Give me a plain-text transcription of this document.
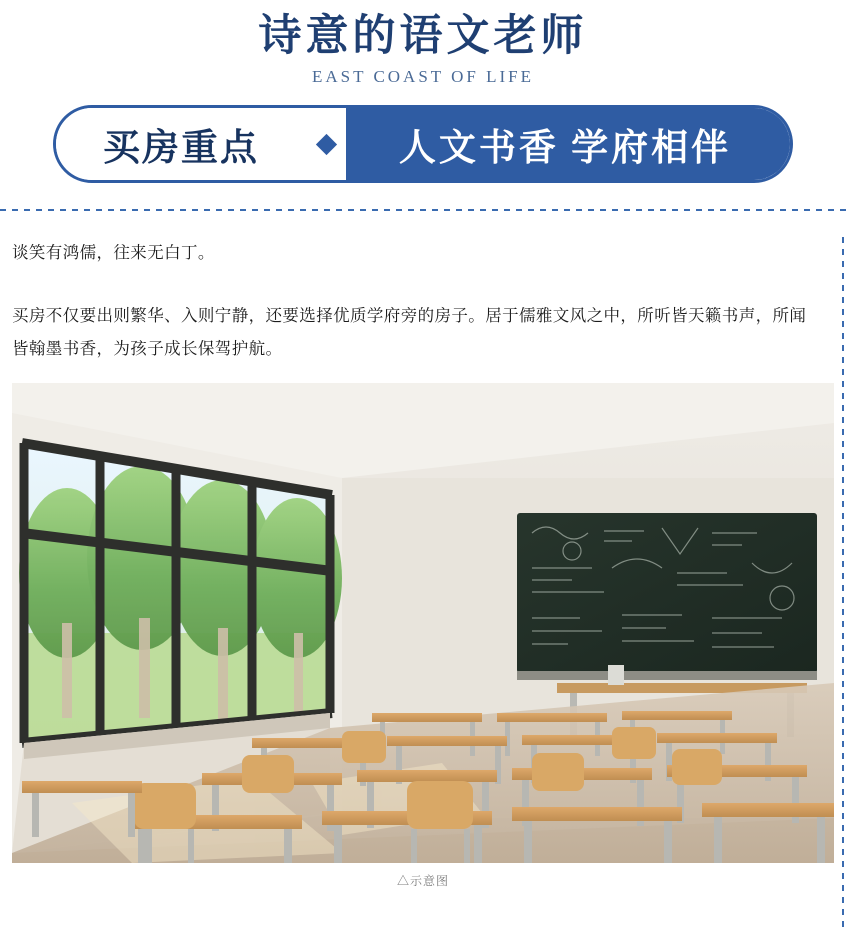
诗意的语文老师
EAST COAST OF LIFE
买房重点	人文书香 学府相伴

谈笑有鸿儒，往来无白丁。

买房不仅要出则繁华、入则宁静，还要选择优质学府旁的房子。居于儒雅文风之中，所听皆天籁书声，所闻皆翰墨书香，为孩子成长保驾护航。

△示意图
